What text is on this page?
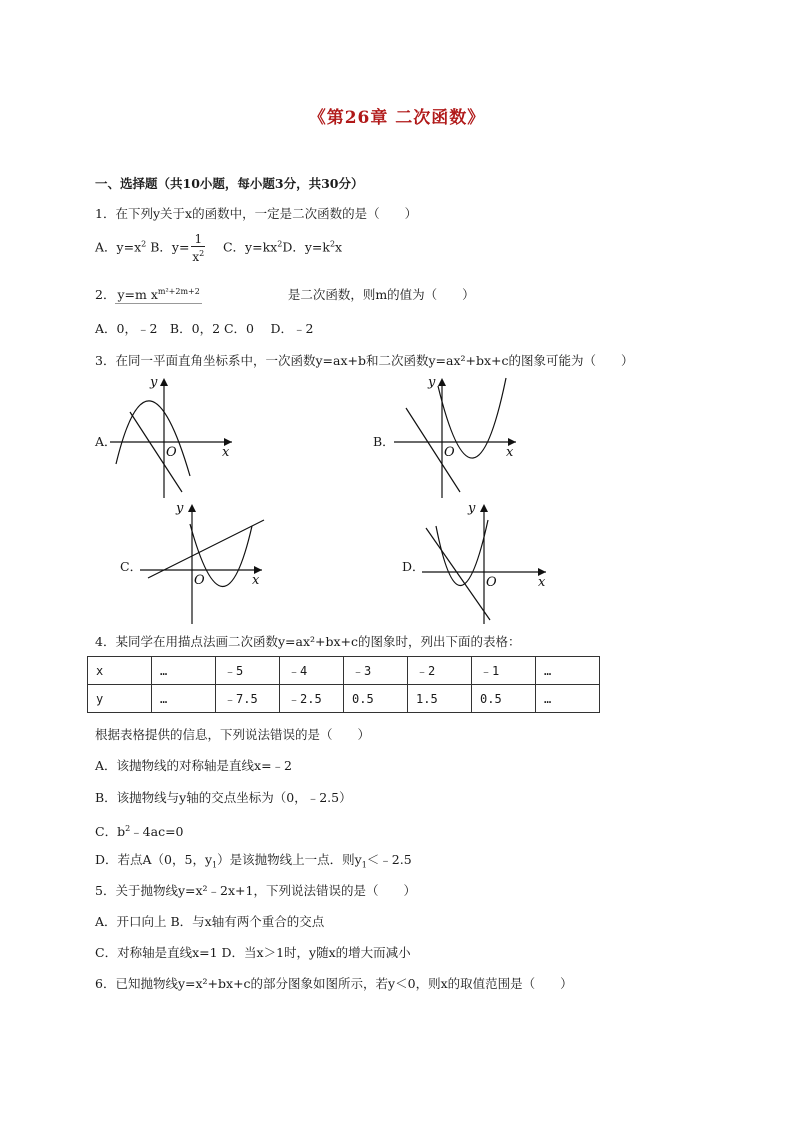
《第26章 二次函数》
一、选择题（共10小题，每小题3分，共30分）
1．在下列y关于x的函数中，一定是二次函数的是（　　）
A．$y=x^2$ B．$y= \frac{1}{x^2}$ C．$y=kx^2D$．$y=k^2x$
2． y=m $x^{m^2+2m+2}$	是二次函数，则m的值为（　　）
A．0，﹣2　B．0，2 C．0　 D．﹣2
3．在同一平面直角坐标系中，一次函数y=ax+b和二次函数y=ax²+bx+c的图象可能为（　　）
A．
O	x
y
B．
O	x
y
C．
O	x
y
D．
O	x
y
4．某同学在用描点法画二次函数y=ax²+bx+c的图象时，列出下面的表格：
x	…	﹣5	﹣4	﹣3	﹣2	﹣1	…
y	…	﹣7.5	﹣2.5	0.5	1.5	0.5	…
根据表格提供的信息，下列说法错误的是（　　）
A．该抛物线的对称轴是直线x=﹣2
B．该抛物线与y轴的交点坐标为（0，﹣2.5）
C．$b^2﹣4ac=0$
D．若点A（0，5，$y_1$）是该抛物线上一点．则$y_1<﹣2.5$
5．关于抛物线y=x²﹣2x+1，下列说法错误的是（　　）
A．开口向上 B．与x轴有两个重合的交点
C．对称轴是直线x=1 D．当x＞1时，y随x的增大而减小
6．已知抛物线y=x²+bx+c的部分图象如图所示，若y＜0，则x的取值范围是（　　）
